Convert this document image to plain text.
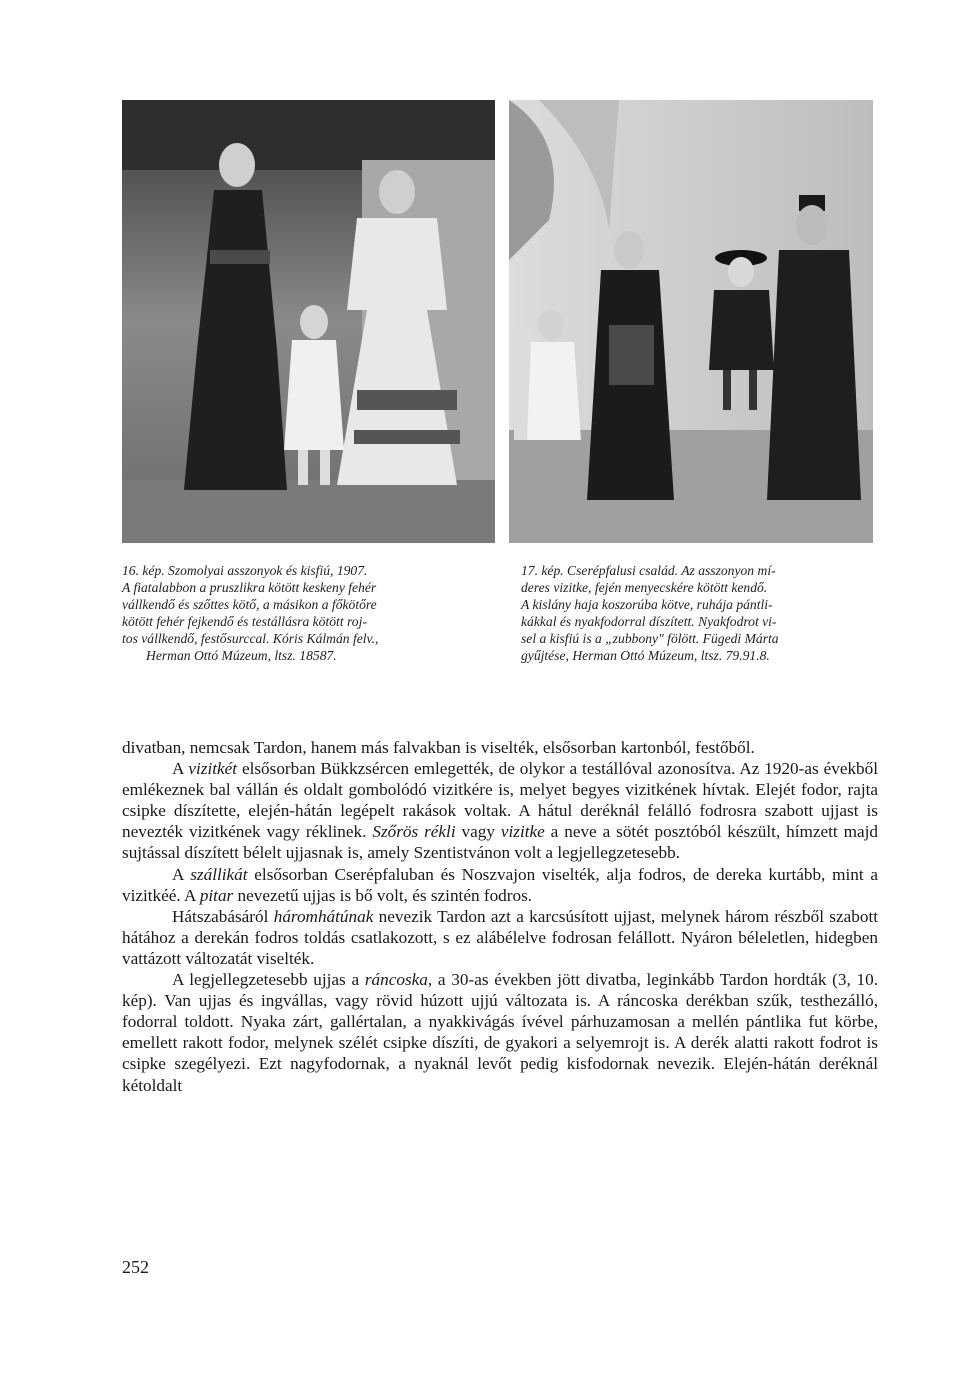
16. kép. Szomolyai asszonyok és kisfiú, 1907.
A fiatalabbon a pruszlikra kötött keskeny fehér
vállkendő és szőttes kötő, a másikon a főkötőre
kötött fehér fejkendő és testállásra kötött roj-
tos vállkendő, festősurccal. Kóris Kálmán felv.,
Herman Ottó Múzeum, ltsz. 18587.
17. kép. Cserépfalusi család. Az asszonyon mí-
deres vizitke, fején menyecskére kötött kendő.
A kislány haja koszorúba kötve, ruhája pántli-
kákkal és nyakfodorral díszített. Nyakfodrot vi-
sel a kisfiú is a „zubbony" fölött. Fügedi Márta
gyűjtése, Herman Ottó Múzeum, ltsz. 79.91.8.

divatban, nemcsak Tardon, hanem más falvakban is viselték, elsősorban kartonból, festőből.

A vizitkét elsősorban Bükkzsércen emlegették, de olykor a testállóval azonosítva. Az 1920-as évekből emlékeznek bal vállán és oldalt gombolódó vizitkére is, melyet begyes vizitkének hívtak. Elejét fodor, rajta csipke díszítette, elején-hátán legépelt rakások voltak. A hátul deréknál felálló fodrosra szabott ujjast is nevezték vizitkének vagy réklinek. Szőrös rékli vagy vizitke a neve a sötét posztóból készült, hímzett majd sujtással díszített bélelt ujjasnak is, amely Szentistvánon volt a legjellegzetesebb.

A szállikát elsősorban Cserépfaluban és Noszvajon viselték, alja fodros, de dereka kurtább, mint a vizitkéé. A pitar nevezetű ujjas is bő volt, és szintén fodros.

Hátszabásáról háromhátúnak nevezik Tardon azt a karcsúsított ujjast, melynek három részből szabott hátához a derekán fodros toldás csatlakozott, s ez alábélelve fodrosan felállott. Nyáron béleletlen, hidegben vattázott változatát viselték.

A legjellegzetesebb ujjas a ráncoska, a 30-as években jött divatba, leginkább Tardon hordták (3, 10. kép). Van ujjas és ingvállas, vagy rövid húzott ujjú változata is. A ráncoska derékban szűk, testhezálló, fodorral toldott. Nyaka zárt, gallértalan, a nyakkivágás ívével párhuzamosan a mellén pántlika fut körbe, emellett rakott fodor, melynek szélét csipke díszíti, de gyakori a selyemrojt is. A derék alatti rakott fodrot is csipke szegélyezi. Ezt nagyfodornak, a nyaknál levőt pedig kisfodornak nevezik. Elején-hátán deréknál kétoldalt

252
